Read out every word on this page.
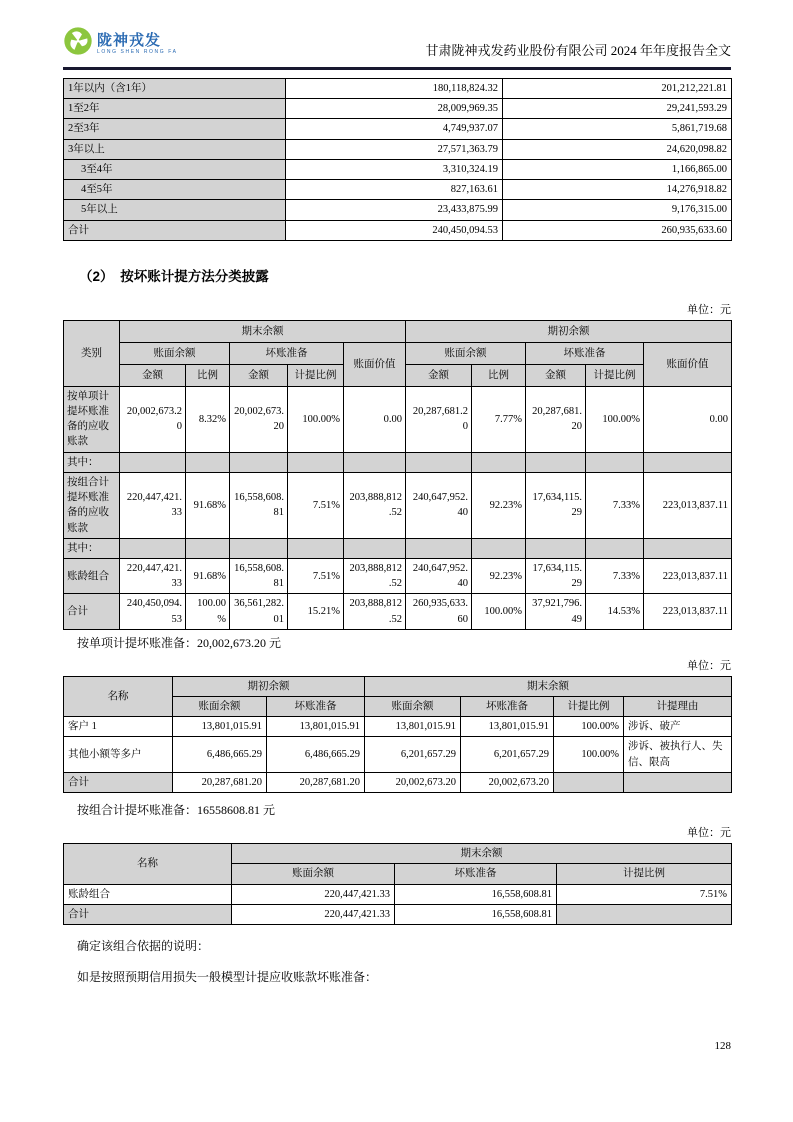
陇神戎发
LONG SHEN RONG FA	甘肃陇神戎发药业股份有限公司 2024 年年度报告全文
1年以内（含1年）	180,118,824.32	201,212,221.81
1至2年	28,009,969.35	29,241,593.29
2至3年	4,749,937.07	5,861,719.68
3年以上	27,571,363.79	24,620,098.82
3至4年	3,310,324.19	1,166,865.00
4至5年	827,163.61	14,276,918.82
5年以上	23,433,875.99	9,176,315.00
合计	240,450,094.53	260,935,633.60
（2）　按坏账计提方法分类披露
单位：元
类别	期末余额					期初余额				
	账面余额		坏账准备		账面价值	账面余额		坏账准备		账面价值
	金额	比例	金额	计提比例		金额	比例	金额	计提比例	
按单项计提坏账准备的应收账款	20,002,673.20	8.32%	20,002,673.20	100.00%	0.00	20,287,681.20	7.77%	20,287,681.20	100.00%	0.00
其中：										
按组合计提坏账准备的应收账款	220,447,421.33	91.68%	16,558,608.81	7.51%	203,888,812.52	240,647,952.40	92.23%	17,634,115.29	7.33%	223,013,837.11
其中：										
账龄组合	220,447,421.33	91.68%	16,558,608.81	7.51%	203,888,812.52	240,647,952.40	92.23%	17,634,115.29	7.33%	223,013,837.11
合计	240,450,094.53	100.00%	36,561,282.01	15.21%	203,888,812.52	260,935,633.60	100.00%	37,921,796.49	14.53%	223,013,837.11
按单项计提坏账准备：20,002,673.20 元
单位：元
名称	期初余额		期末余额			
	账面余额	坏账准备	账面余额	坏账准备	计提比例	计提理由
客户 1	13,801,015.91	13,801,015.91	13,801,015.91	13,801,015.91	100.00%	涉诉、破产
其他小额等多户	6,486,665.29	6,486,665.29	6,201,657.29	6,201,657.29	100.00%	涉诉、被执行人、失信、限高
合计	20,287,681.20	20,287,681.20	20,002,673.20	20,002,673.20		
按组合计提坏账准备：16558608.81 元
单位：元
名称	期末余额		
	账面余额	坏账准备	计提比例
账龄组合	220,447,421.33	16,558,608.81	7.51%
合计	220,447,421.33	16,558,608.81	
确定该组合依据的说明：
如是按照预期信用损失一般模型计提应收账款坏账准备：
128
